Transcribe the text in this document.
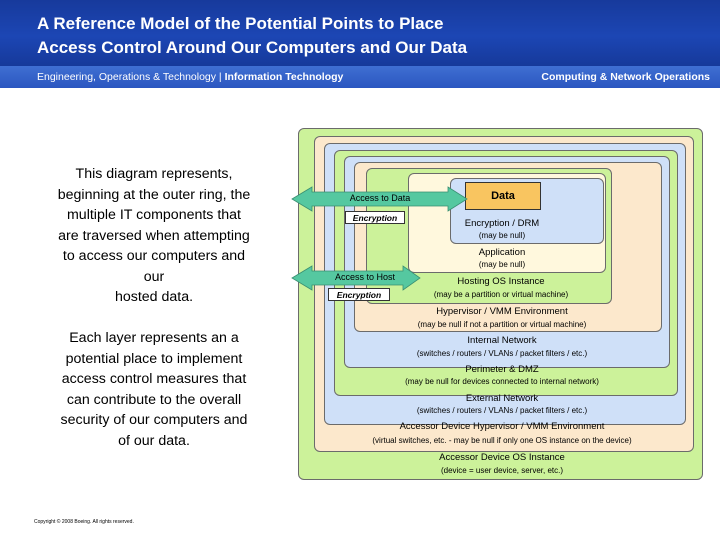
A Reference Model of the Potential Points to Place
Access Control Around Our Computers and Our Data
Engineering, Operations & Technology | Information Technology	Computing & Network Operations
This diagram represents,
beginning at the outer ring, the
multiple IT components that
are traversed when attempting
to access our computers and
our
hosted data.
Each layer represents an a
potential place to implement
access control measures that
can contribute to the overall
security of our computers and
of our data.
Copyright © 2008 Boeing. All rights reserved.
Data
Encryption / DRM
(may be null)
Application
(may be null)
Hosting OS Instance
(may be a partition or virtual machine)
Hypervisor / VMM Environment
(may be null if not a partition or virtual machine)
Internal Network
(switches / routers / VLANs / packet filters / etc.)
Perimeter & DMZ
(may be null for devices connected to internal network)
External Network
(switches / routers / VLANs / packet filters / etc.)
Accessor Device Hypervisor / VMM Environment
(virtual switches, etc. - may be null if only one OS instance on the device)
Accessor Device OS Instance
(device = user device, server, etc.)
Access to Data
Encryption
Access to Host
Encryption
